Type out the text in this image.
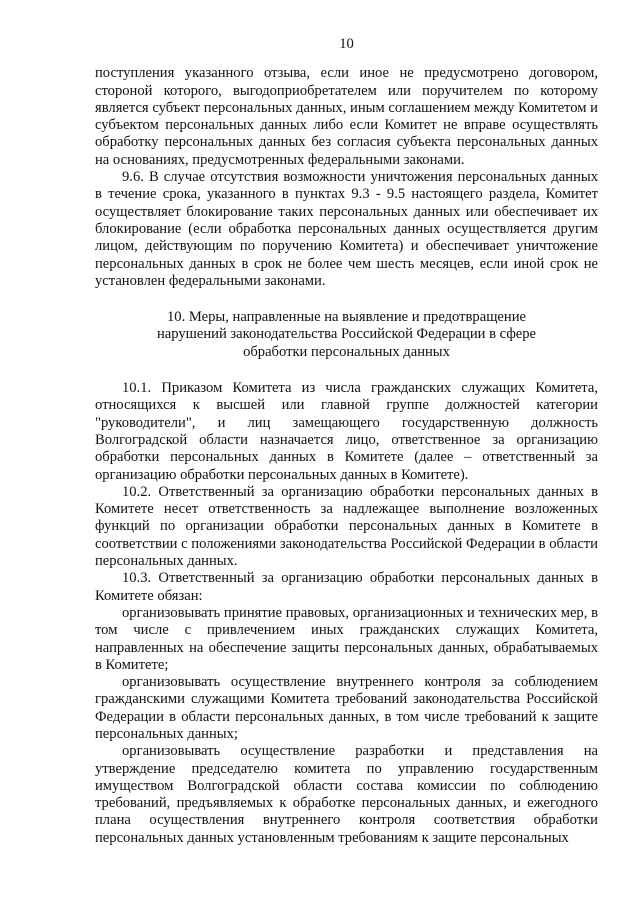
10

поступления указанного отзыва, если иное не предусмотрено договором, стороной которого, выгодоприобретателем или поручителем по которому является субъект персональных данных, иным соглашением между Комитетом и субъектом персональных данных либо если Комитет не вправе осуществлять обработку персональных данных без согласия субъекта персональных данных на основаниях, предусмотренных федеральными законами.

9.6. В случае отсутствия возможности уничтожения персональных данных в течение срока, указанного в пунктах 9.3 - 9.5 настоящего раздела, Комитет осуществляет блокирование таких персональных данных или обеспечивает их блокирование (если обработка персональных данных осуществляется другим лицом, действующим по поручению Комитета) и обеспечивает уничтожение персональных данных в срок не более чем шесть месяцев, если иной срок не установлен федеральными законами.

10. Меры, направленные на выявление и предотвращение
нарушений законодательства Российской Федерации в сфере
обработки персональных данных

10.1. Приказом Комитета из числа гражданских служащих Комитета, относящихся к высшей или главной группе должностей категории "руководители", и лиц замещающего государственную должность Волгоградской области назначается лицо, ответственное за организацию обработки персональных данных в Комитете (далее – ответственный за организацию обработки персональных данных в Комитете).

10.2. Ответственный за организацию обработки персональных данных в Комитете несет ответственность за надлежащее выполнение возложенных функций по организации обработки персональных данных в Комитете в соответствии с положениями законодательства Российской Федерации в области персональных данных.

10.3. Ответственный за организацию обработки персональных данных в Комитете обязан:

организовывать принятие правовых, организационных и технических мер, в том числе с привлечением иных гражданских служащих Комитета, направленных на обеспечение защиты персональных данных, обрабатываемых в Комитете;

организовывать осуществление внутреннего контроля за соблюдением гражданскими служащими Комитета требований законодательства Российской Федерации в области персональных данных, в том числе требований к защите персональных данных;

организовывать осуществление разработки и представления на утверждение председателю комитета по управлению государственным имуществом Волгоградской области состава комиссии по соблюдению требований, предъявляемых к обработке персональных данных, и ежегодного плана осуществления внутреннего контроля соответствия обработки персональных данных установленным требованиям к защите персональных
